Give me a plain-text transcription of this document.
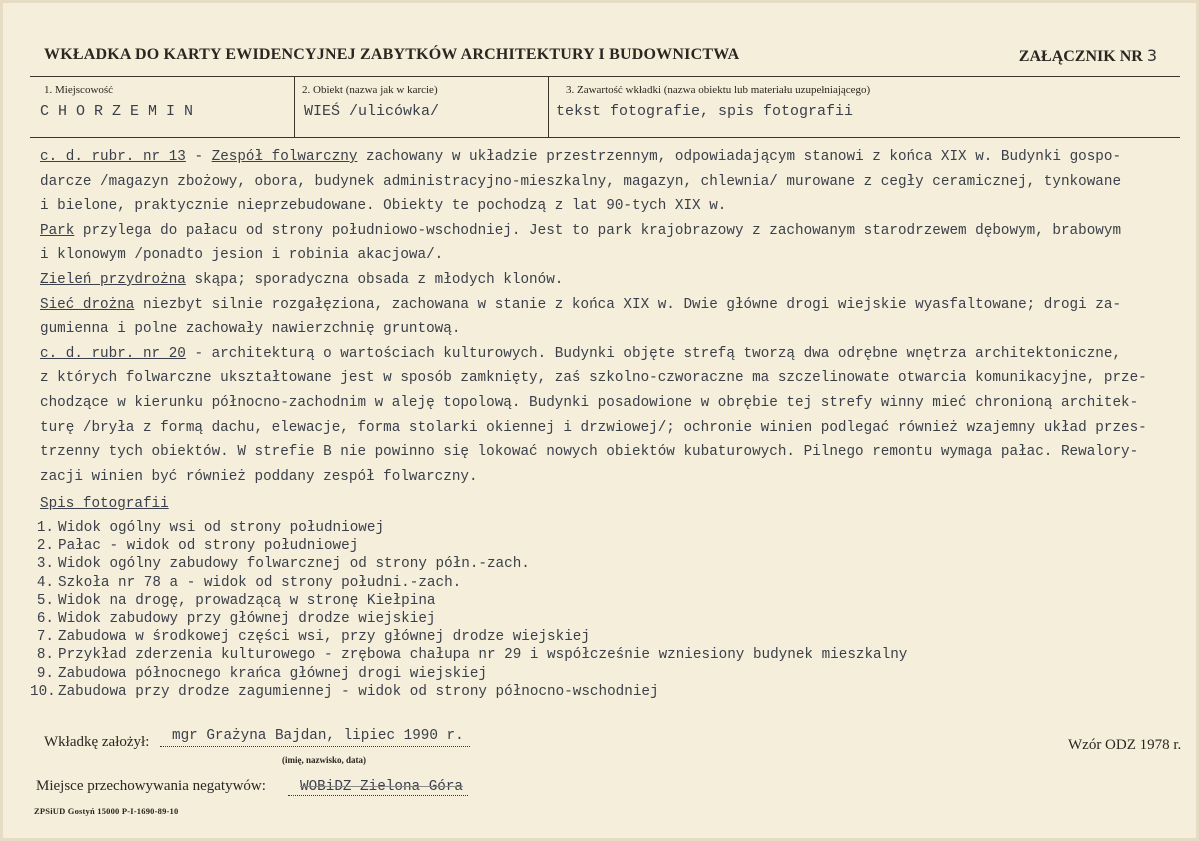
WKŁADKA DO KARTY EWIDENCYJNEJ ZABYTKÓW ARCHITEKTURY I BUDOWNICTWA	ZAŁĄCZNIK NR 3
1. Miejscowość
C H O R Z E M I N
2. Obiekt (nazwa jak w karcie)
WIEŚ /ulicówka/
3. Zawartość wkładki (nazwa obiektu lub materiału uzupełniającego)
tekst fotografie, spis fotografii

c. d. rubr. nr 13 - Zespół folwarczny zachowany w układzie przestrzennym, odpowiadającym stanowi z końca XIX w. Budynki gospo-

darcze /magazyn zbożowy, obora, budynek administracyjno-mieszkalny, magazyn, chlewnia/ murowane z cegły ceramicznej, tynkowane

i bielone, praktycznie nieprzebudowane. Obiekty te pochodzą z lat 90-tych XIX w.

Park przylega do pałacu od strony południowo-wschodniej. Jest to park krajobrazowy z zachowanym starodrzewem dębowym, brabowym

i klonowym /ponadto jesion i robinia akacjowa/.

Zieleń przydrożna skąpa; sporadyczna obsada z młodych klonów.

Sieć drożna niezbyt silnie rozgałęziona, zachowana w stanie z końca XIX w. Dwie główne drogi wiejskie wyasfaltowane; drogi za-

gumienna i polne zachowały nawierzchnię gruntową.

c. d. rubr. nr 20 - architekturą o wartościach kulturowych. Budynki objęte strefą tworzą dwa odrębne wnętrza architektoniczne,

z których folwarczne ukształtowane jest w sposób zamknięty, zaś szkolno-czworaczne ma szczelinowate otwarcia komunikacyjne, prze-

chodzące w kierunku północno-zachodnim w aleję topolową. Budynki posadowione w obrębie tej strefy winny mieć chronioną architek-

turę /bryła z formą dachu, elewacje, forma stolarki okiennej i drzwiowej/; ochronie winien podlegać również wzajemny układ przes-

trzenny tych obiektów. W strefie B nie powinno się lokować nowych obiektów kubaturowych. Pilnego remontu wymaga pałac. Rewalory-

zacji winien być również poddany zespół folwarczny.

Spis fotografii
1. Widok ogólny wsi od strony południowej
2. Pałac - widok od strony południowej
3. Widok ogólny zabudowy folwarcznej od strony półn.-zach.
4. Szkoła nr 78 a - widok od strony południ.-zach.
5. Widok na drogę, prowadzącą w stronę Kiełpina
6. Widok zabudowy przy głównej drodze wiejskiej
7. Zabudowa w środkowej części wsi, przy głównej drodze wiejskiej
8. Przykład zderzenia kulturowego - zrębowa chałupa nr 29 i współcześnie wzniesiony budynek mieszkalny
9. Zabudowa północnego krańca głównej drogi wiejskiej
10. Zabudowa przy drodze zagumiennej - widok od strony północno-wschodniej
Wkładkę założył: mgr Grażyna Bajdan, lipiec 1990 r.
(imię, nazwisko, data)
Wzór ODZ 1978 r.
Miejsce przechowywania negatywów: WOBiDZ Zielona Góra
ZPSiUD Gostyń 15000 P-I-1690-89-10
